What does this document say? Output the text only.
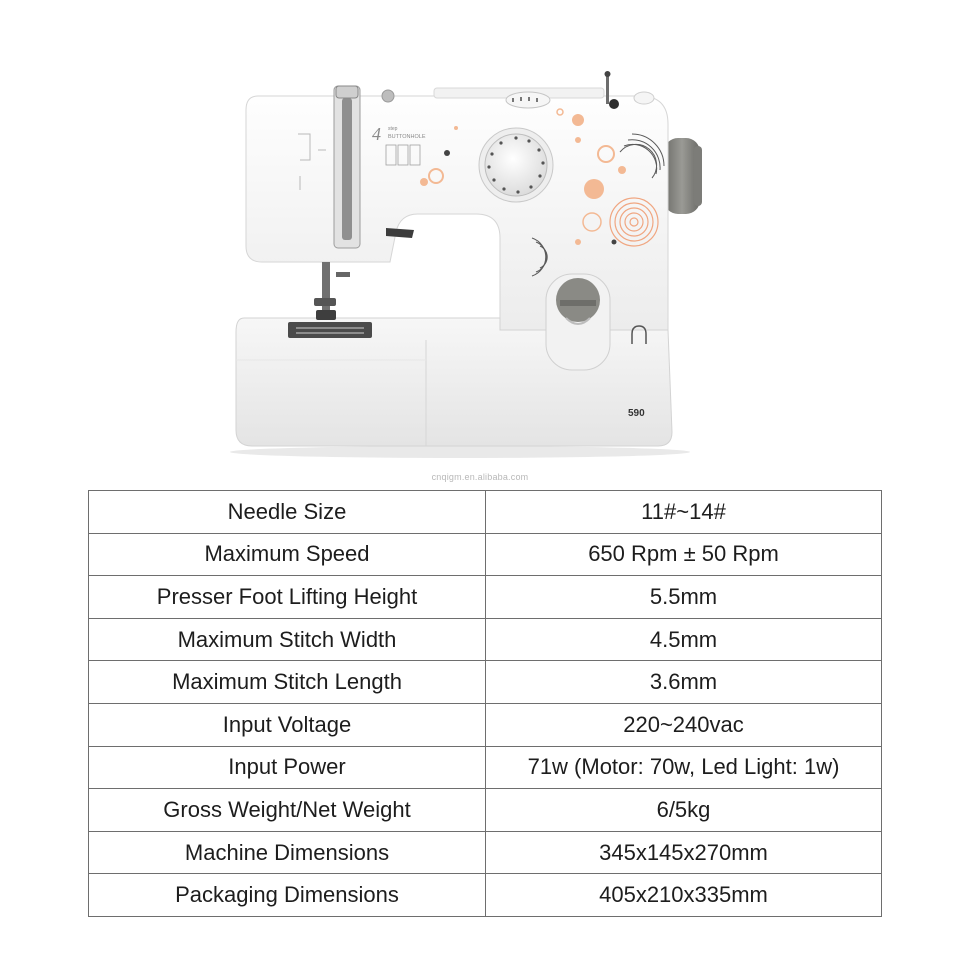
4 step
BUTTONHOLE
590
cnqigm.en.alibaba.com
Needle Size	11#~14#
Maximum Speed	650 Rpm ± 50 Rpm
Presser Foot Lifting Height	5.5mm
Maximum Stitch Width	4.5mm
Maximum Stitch Length	3.6mm
Input Voltage	220~240vac
Input Power	71w (Motor: 70w, Led Light: 1w)
Gross Weight/Net Weight	6/5kg
Machine Dimensions	345x145x270mm
Packaging Dimensions	405x210x335mm
